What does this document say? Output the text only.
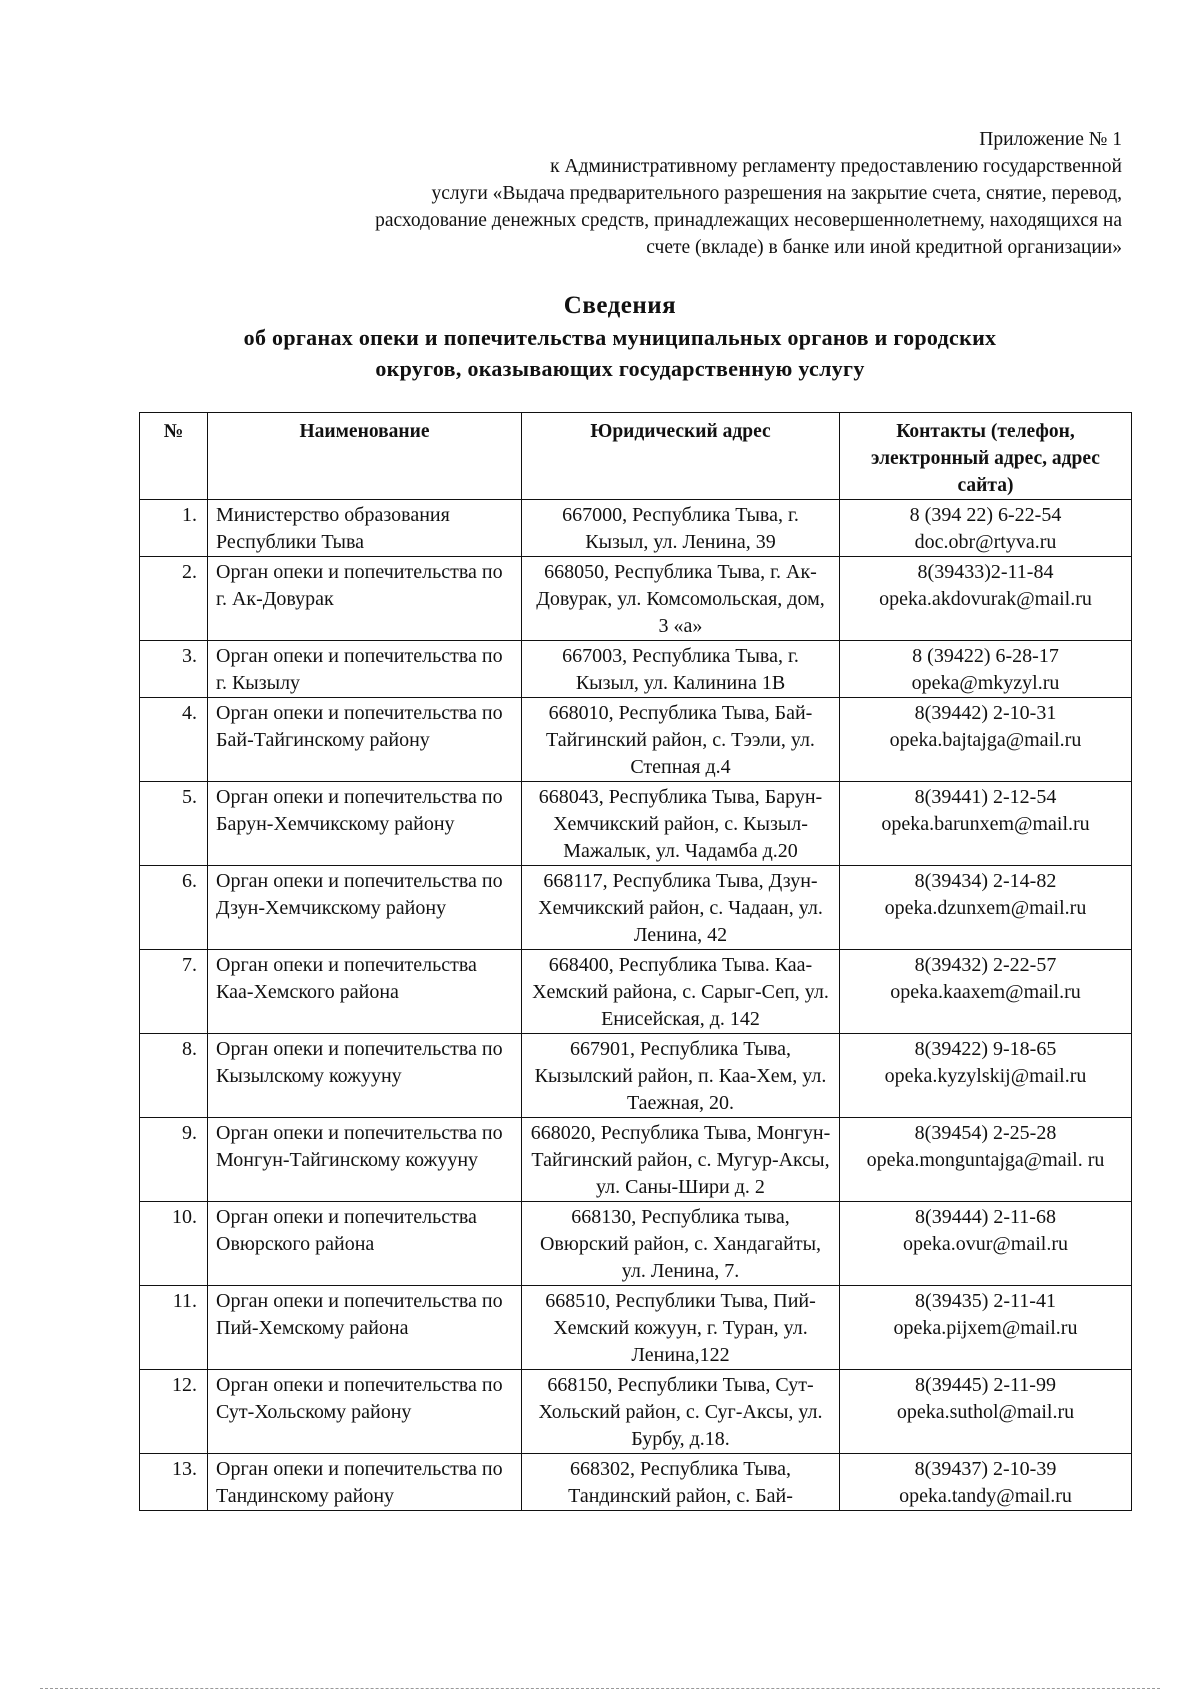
Приложение № 1
к Административному регламенту предоставлению государственной
услуги «Выдача предварительного разрешения на закрытие счета, снятие, перевод,
расходование денежных средств, принадлежащих несовершеннолетнему, находящихся на
счете (вкладе) в банке или иной кредитной организации»
Сведения
об органах опеки и попечительства муниципальных органов и городских
округов, оказывающих государственную услугу
№	Наименование	Юридический адрес	Контакты (телефон, электронный адрес, адрес сайта)
1.	Министерство образования Республики Тыва	667000, Республика Тыва, г. Кызыл, ул. Ленина, 39	8 (394 22) 6-22-54
doc.obr@rtyva.ru

2.	Орган опеки и попечительства по г. Ак-Довурак	668050, Республика Тыва, г. Ак-Довурак, ул. Комсомольская, дом, 3 «а»	8(39433)2-11-84
opeka.akdovurak@mail.ru

3.	Орган опеки и попечительства по г. Кызылу	667003, Республика Тыва, г. Кызыл, ул. Калинина 1В	8 (39422) 6-28-17
opeka@mkyzyl.ru

4.	Орган опеки и попечительства по Бай-Тайгинскому району	668010, Республика Тыва, Бай-Тайгинский район, с. Тээли, ул. Степная д.4	8(39442) 2-10-31
opeka.bajtajga@mail.ru

5.	Орган опеки и попечительства по Барун-Хемчикскому району	668043, Республика Тыва, Барун-Хемчикский район, с. Кызыл-Мажалык, ул. Чадамба д.20	8(39441) 2-12-54
opeka.barunxem@mail.ru

6.	Орган опеки и попечительства по Дзун-Хемчикскому району	668117, Республика Тыва, Дзун-Хемчикский район, с. Чадаан, ул. Ленина, 42	8(39434) 2-14-82
opeka.dzunxem@mail.ru

7.	Орган опеки и попечительства Каа-Хемского района	668400, Республика Тыва. Каа-Хемский района, с. Сарыг-Сеп, ул. Енисейская, д. 142	8(39432) 2-22-57
opeka.kaaxem@mail.ru

8.	Орган опеки и попечительства по Кызылскому кожууну	667901, Республика Тыва, Кызылский район, п. Каа-Хем, ул. Таежная, 20.	8(39422) 9-18-65
opeka.kyzylskij@mail.ru

9.	Орган опеки и попечительства по Монгун-Тайгинскому кожууну	668020, Республика Тыва, Монгун-Тайгинский район, с. Мугур-Аксы, ул. Саны-Шири д. 2	8(39454) 2-25-28
opeka.monguntajga@mail. ru

10.	Орган опеки и попечительства Овюрского района	668130, Республика тыва, Овюрский район, с. Хандагайты, ул. Ленина, 7.	8(39444) 2-11-68
opeka.ovur@mail.ru

11.	Орган опеки и попечительства по Пий-Хемскому района	668510, Республики Тыва, Пий-Хемский кожуун, г. Туран, ул. Ленина,122	8(39435) 2-11-41
opeka.pijxem@mail.ru

12.	Орган опеки и попечительства по Сут-Хольскому району	668150, Республики Тыва, Сут-Хольский район, с. Суг-Аксы, ул. Бурбу, д.18.	8(39445) 2-11-99
opeka.suthol@mail.ru

13.	Орган опеки и попечительства по Тандинскому району	668302, Республика Тыва, Тандинский район, с. Бай-	8(39437) 2-10-39
opeka.tandy@mail.ru
